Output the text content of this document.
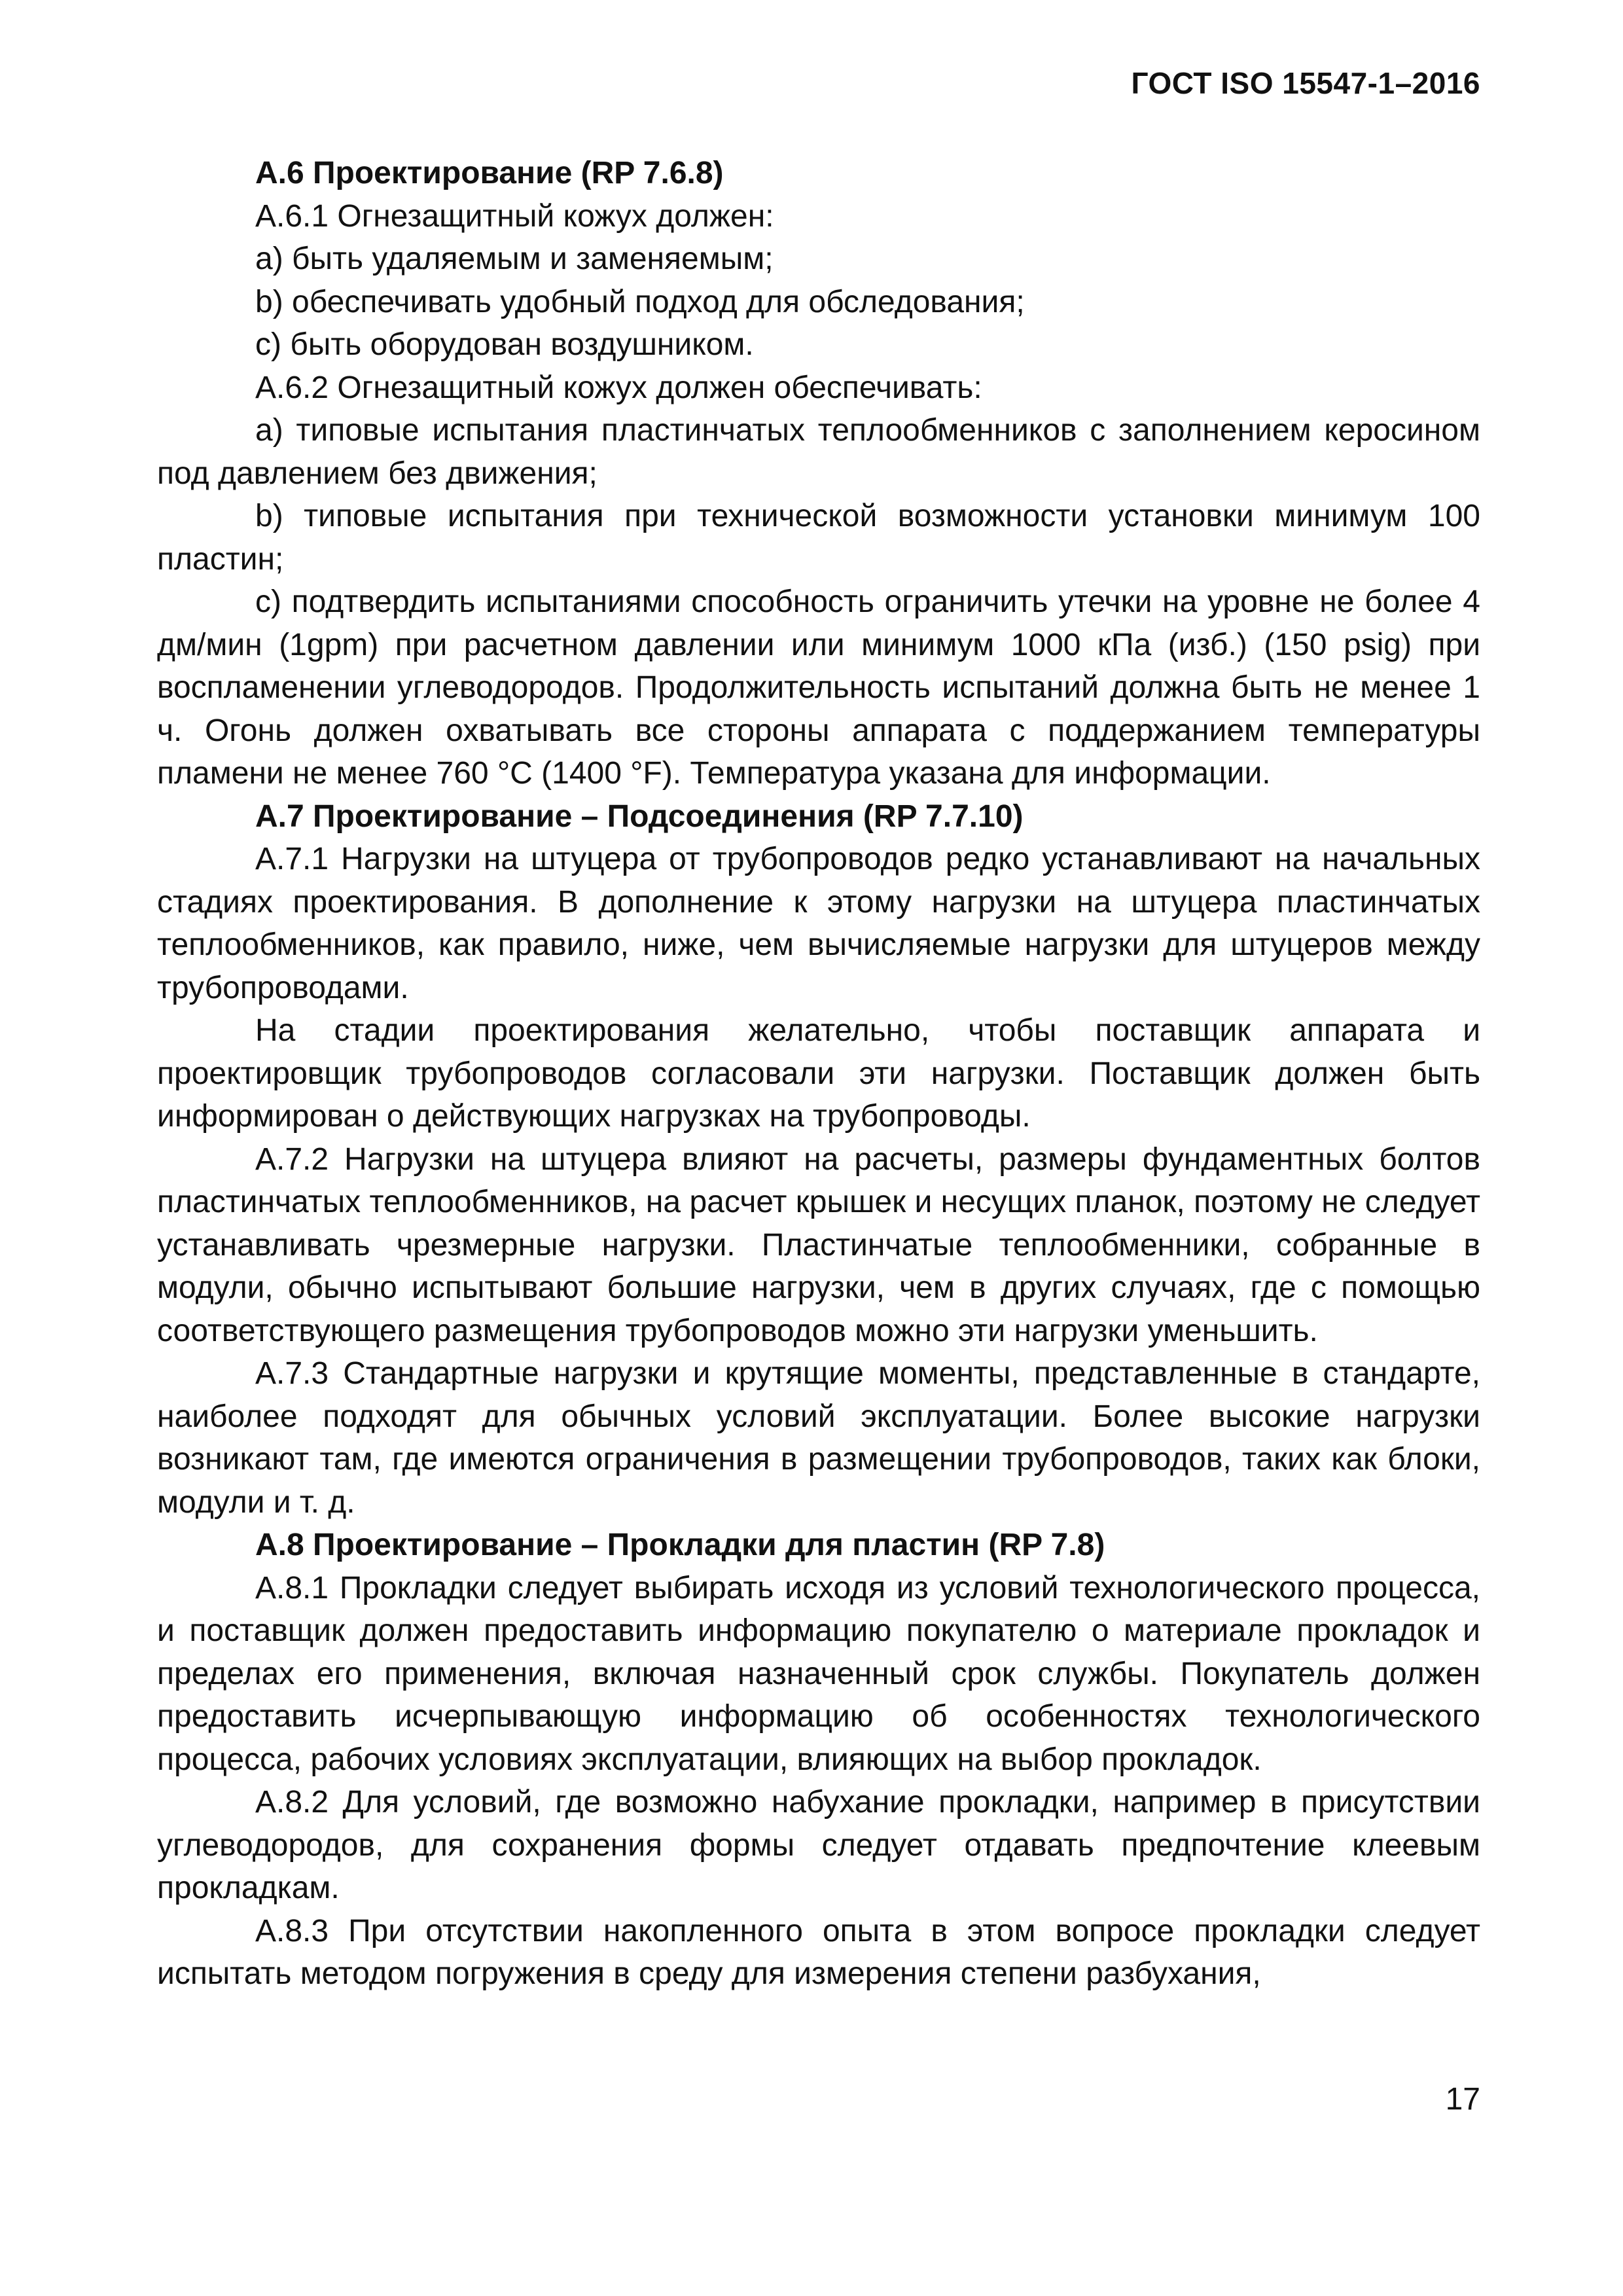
ГОСТ ISO 15547-1–2016

А.6 Проектирование (RP 7.6.8)

А.6.1 Огнезащитный кожух должен:

a) быть удаляемым и заменяемым;

b) обеспечивать удобный подход для обследования;

с) быть оборудован воздушником.

А.6.2 Огнезащитный кожух должен обеспечивать:

а) типовые испытания пластинчатых теплообменников с заполнением керосином под давлением без движения;

b) типовые испытания при технической возможности установки минимум 100 пластин;

с) подтвердить испытаниями способность ограничить утечки на уровне не более 4 дм/мин (1gpm) при расчетном давлении или минимум 1000 кПа (изб.) (150 psig) при воспламенении углеводородов. Продолжительность испытаний должна быть не менее 1 ч. Огонь должен охватывать все стороны аппарата с поддержанием температуры пламени не менее 760 °С (1400 °F). Температура указана для информации.

А.7 Проектирование – Подсоединения (RP 7.7.10)

А.7.1 Нагрузки на штуцера от трубопроводов редко устанавливают на начальных стадиях проектирования. В дополнение к этому нагрузки на штуцера пластинчатых теплообменников, как правило, ниже, чем вычисляемые нагрузки для штуцеров между трубопроводами.

На стадии проектирования желательно, чтобы поставщик аппарата и проектировщик трубопроводов согласовали эти нагрузки. Поставщик должен быть информирован о действующих нагрузках на трубопроводы.

А.7.2 Нагрузки на штуцера влияют на расчеты, размеры фундаментных болтов пластинчатых теплообменников, на расчет крышек и несущих планок, поэтому не следует устанавливать чрезмерные нагрузки. Пластинчатые теплообменники, собранные в модули, обычно испытывают большие нагрузки, чем в других случаях, где с помощью соответствующего размещения трубопроводов можно эти нагрузки уменьшить.

А.7.3 Стандартные нагрузки и крутящие моменты, представленные в стандарте, наиболее подходят для обычных условий эксплуатации. Более высокие нагрузки возникают там, где имеются ограничения в размещении трубопроводов, таких как блоки, модули и т. д.

А.8 Проектирование – Прокладки для пластин (RP 7.8)

А.8.1 Прокладки следует выбирать исходя из условий технологического процесса, и поставщик должен предоставить информацию покупателю о материале прокладок и пределах его применения, включая назначенный срок службы. Покупатель должен предоставить исчерпывающую информацию об особенностях технологического процесса, рабочих условиях эксплуатации, влияющих на выбор прокладок.

А.8.2 Для условий, где возможно набухание прокладки, например в присутствии углеводородов, для сохранения формы следует отдавать предпочтение клеевым прокладкам.

А.8.3 При отсутствии накопленного опыта в этом вопросе прокладки следует испытать методом погружения в среду для измерения степени разбухания,

17
